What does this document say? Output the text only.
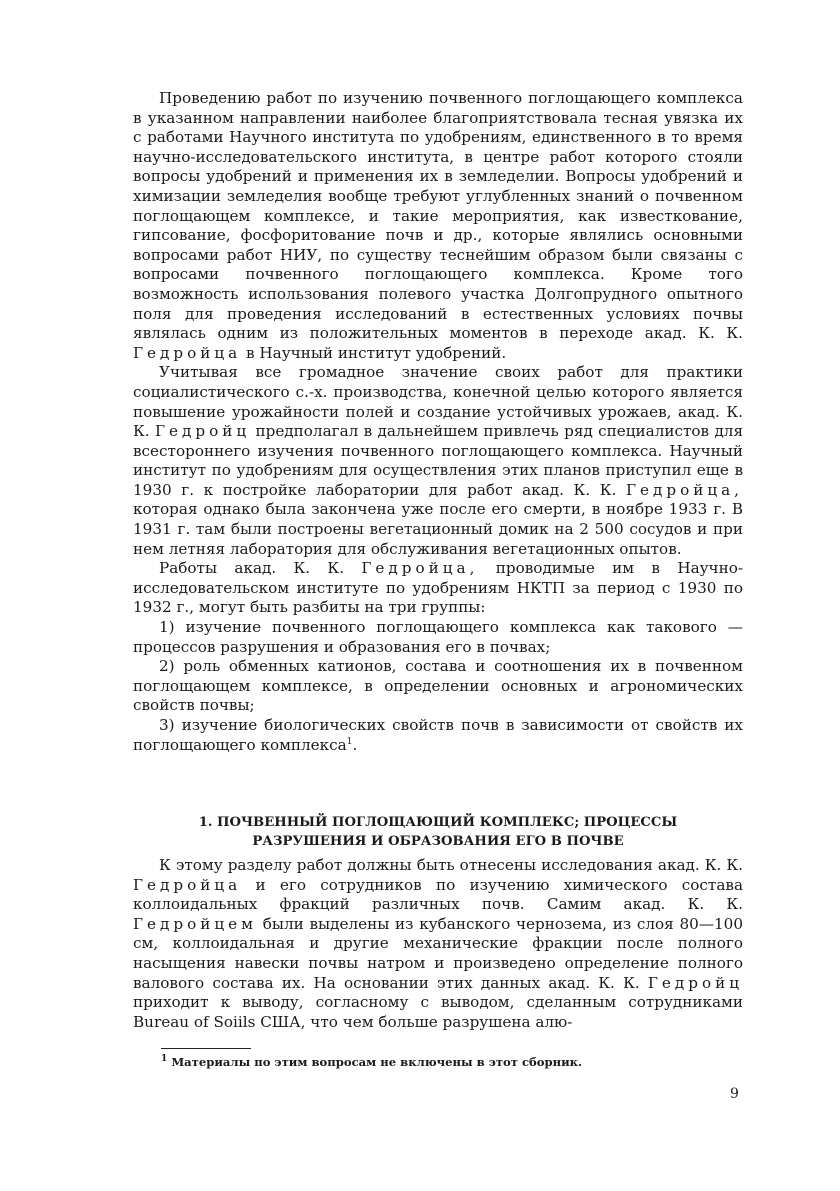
Проведению работ по изучению почвенного поглощающего комплекса в указанном направлении наиболее благоприятствовала тесная увязка их с работами Научного института по удобрениям, единственного в то время научно-исследовательского института, в центре работ которого стояли вопросы удобрений и применения их в земледелии. Вопросы удобрений и химизации земледелия вообще требуют углубленных знаний о почвенном поглощающем комплексе, и такие мероприятия, как известкование, гипсование, фосфоритование почв и др., которые являлись основными вопросами работ НИУ, по существу теснейшим образом были связаны с вопросами почвенного поглощающего комплекса. Кроме того возможность использования полевого участка Долгопрудного опытного поля для проведения исследований в естественных условиях почвы являлась одним из положительных моментов в переходе акад. К. К. Гедройца в Научный институт удобрений.

Учитывая все громадное значение своих работ для практики социалистического с.-х. производства, конечной целью которого является повышение урожайности полей и создание устойчивых урожаев, акад. К. К. Гедройц предполагал в дальнейшем привлечь ряд специалистов для всестороннего изучения почвенного поглощающего комплекса. Научный институт по удобрениям для осуществления этих планов приступил еще в 1930 г. к постройке лаборатории для работ акад. К. К. Гедройца, которая однако была закончена уже после его смерти, в ноябре 1933 г. В 1931 г. там были построены вегетационный домик на 2 500 сосудов и при нем летняя лаборатория для обслуживания вегетационных опытов.

Работы акад. К. К. Гедройца, проводимые им в Научно-исследовательском институте по удобрениям НКТП за период с 1930 по 1932 г., могут быть разбиты на три группы:

1) изучение почвенного поглощающего комплекса как такового — процессов разрушения и образования его в почвах;

2) роль обменных катионов, состава и соотношения их в почвенном поглощающем комплексе, в определении основных и агрономических свойств почвы;

3) изучение биологических свойств почв в зависимости от свойств их поглощающего комплекса$^1$.

1. ПОЧВЕННЫЙ ПОГЛОЩАЮЩИЙ КОМПЛЕКС; ПРОЦЕССЫ
РАЗРУШЕНИЯ И ОБРАЗОВАНИЯ ЕГО В ПОЧВЕ

К этому разделу работ должны быть отнесены исследования акад. К. К. Гедройца и его сотрудников по изучению химического состава коллоидальных фракций различных почв. Самим акад. К. К. Гедройцем были выделены из кубанского чернозема, из слоя 80—100 см, коллоидальная и другие механические фракции после полного насыщения навески почвы натром и произведено определение полного валового состава их. На основании этих данных акад. К. К. Гедройц приходит к выводу, согласному с выводом, сделанным сотрудниками Bureau of Soiils США, что чем больше разрушена алю-

$^1$ Материалы по этим вопросам не включены в этот сборник.
9
